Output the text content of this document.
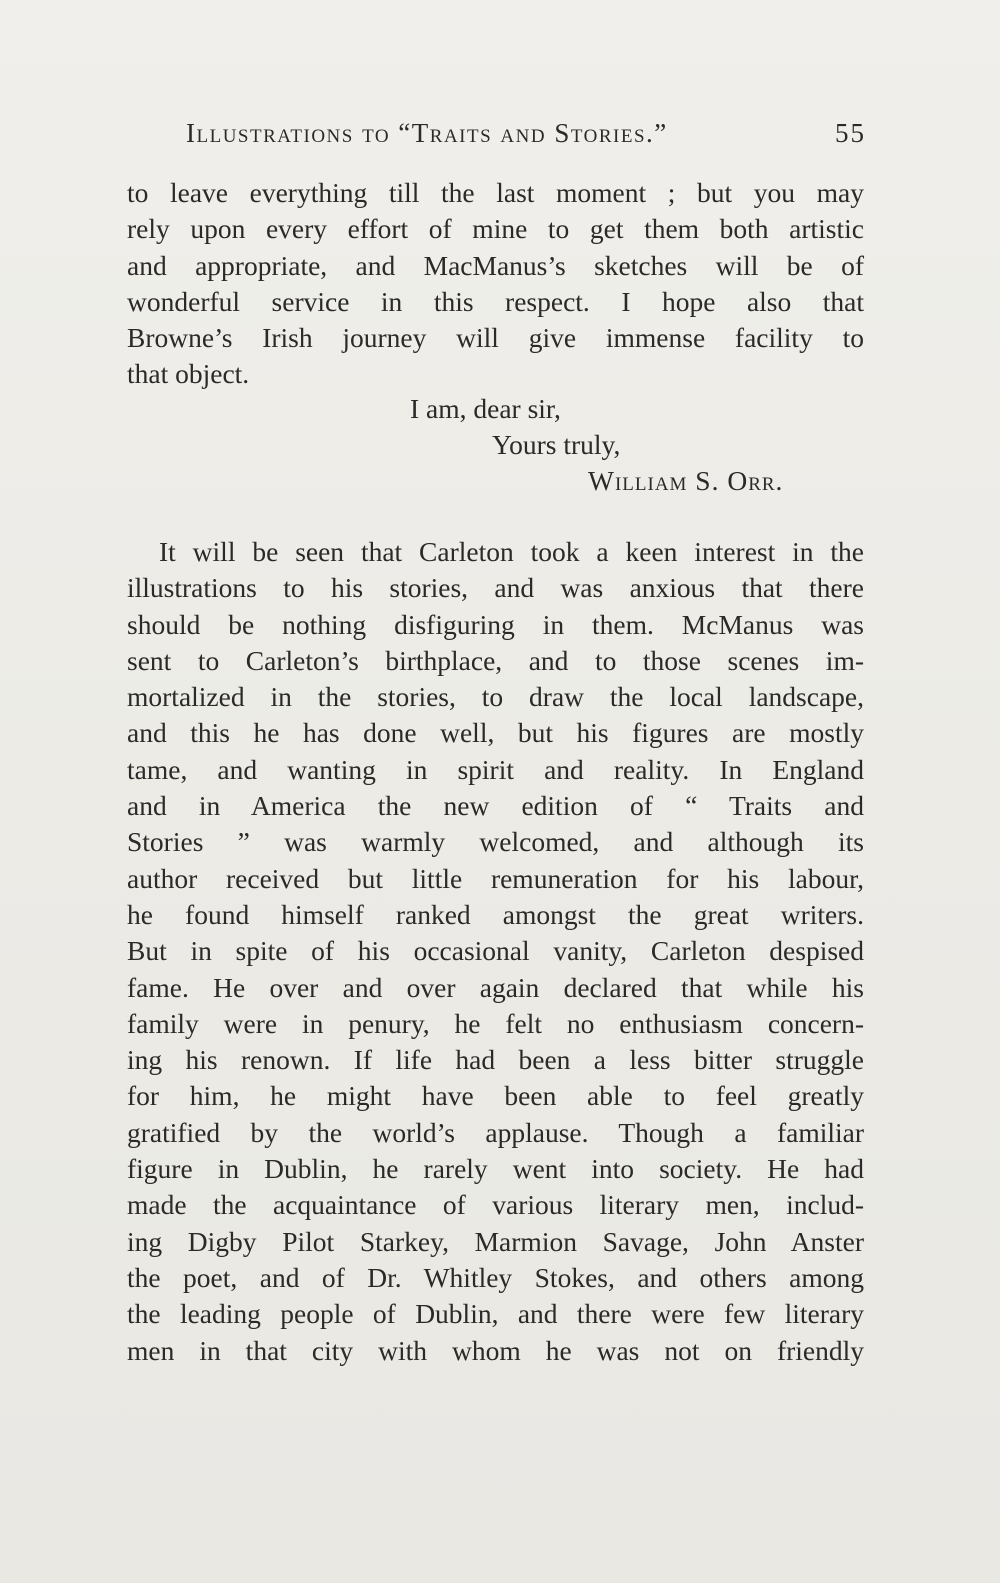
Illustrations to “Traits and Stories.”	55
to leave everything till the last moment ; but you may
rely upon every effort of mine to get them both artistic
and appropriate, and MacManus’s sketches will be of
wonderful service in this respect. I hope also that
Browne’s Irish journey will give immense facility to
that object.
I am, dear sir,
Yours truly,
William S. Orr.
It will be seen that Carleton took a keen interest in the
illustrations to his stories, and was anxious that there
should be nothing disfiguring in them. McManus was
sent to Carleton’s birthplace, and to those scenes im-
mortalized in the stories, to draw the local landscape,
and this he has done well, but his figures are mostly
tame, and wanting in spirit and reality. In England
and in America the new edition of “ Traits and
Stories ” was warmly welcomed, and although its
author received but little remuneration for his labour,
he found himself ranked amongst the great writers.
But in spite of his occasional vanity, Carleton despised
fame. He over and over again declared that while his
family were in penury, he felt no enthusiasm concern-
ing his renown. If life had been a less bitter struggle
for him, he might have been able to feel greatly
gratified by the world’s applause. Though a familiar
figure in Dublin, he rarely went into society. He had
made the acquaintance of various literary men, includ-
ing Digby Pilot Starkey, Marmion Savage, John Anster
the poet, and of Dr. Whitley Stokes, and others among
the leading people of Dublin, and there were few literary
men in that city with whom he was not on friendly
